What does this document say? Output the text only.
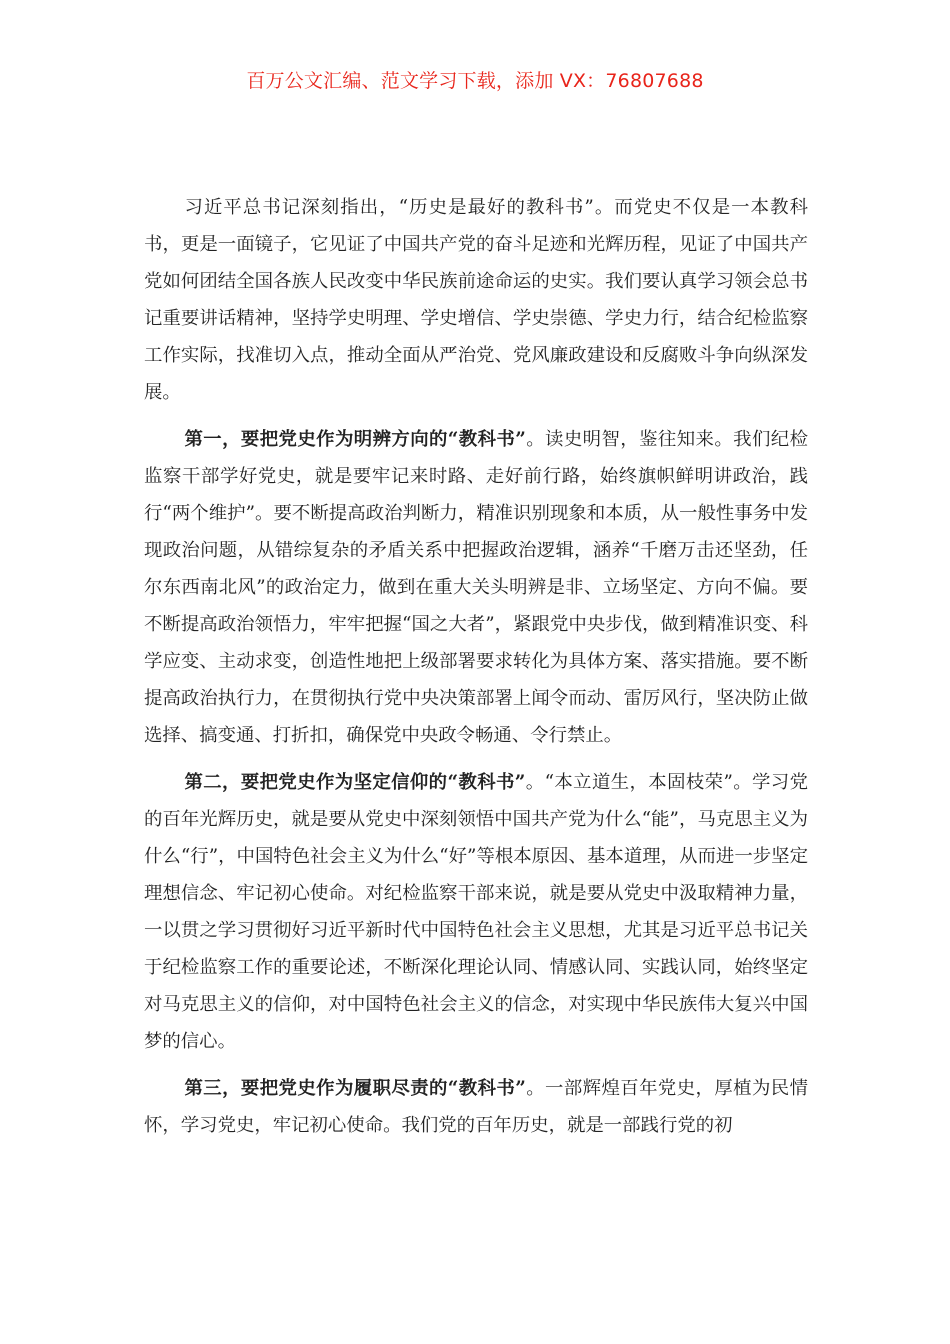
百万公文汇编、范文学习下载，添加 VX：76807688

习近平总书记深刻指出，“历史是最好的教科书”。而党史不仅是一本教科书，更是一面镜子，它见证了中国共产党的奋斗足迹和光辉历程，见证了中国共产党如何团结全国各族人民改变中华民族前途命运的史实。我们要认真学习领会总书记重要讲话精神，坚持学史明理、学史增信、学史崇德、学史力行，结合纪检监察工作实际，找准切入点，推动全面从严治党、党风廉政建设和反腐败斗争向纵深发展。

第一，要把党史作为明辨方向的“教科书”。读史明智，鉴往知来。我们纪检监察干部学好党史，就是要牢记来时路、走好前行路，始终旗帜鲜明讲政治，践行“两个维护”。要不断提高政治判断力，精准识别现象和本质，从一般性事务中发现政治问题，从错综复杂的矛盾关系中把握政治逻辑，涵养“千磨万击还坚劲，任尔东西南北风”的政治定力，做到在重大关头明辨是非、立场坚定、方向不偏。要不断提高政治领悟力，牢牢把握“国之大者”，紧跟党中央步伐，做到精准识变、科学应变、主动求变，创造性地把上级部署要求转化为具体方案、落实措施。要不断提高政治执行力，在贯彻执行党中央决策部署上闻令而动、雷厉风行，坚决防止做选择、搞变通、打折扣，确保党中央政令畅通、令行禁止。

第二，要把党史作为坚定信仰的“教科书”。“本立道生，本固枝荣”。学习党的百年光辉历史，就是要从党史中深刻领悟中国共产党为什么“能”，马克思主义为什么“行”，中国特色社会主义为什么“好”等根本原因、基本道理，从而进一步坚定理想信念、牢记初心使命。对纪检监察干部来说，就是要从党史中汲取精神力量，一以贯之学习贯彻好习近平新时代中国特色社会主义思想，尤其是习近平总书记关于纪检监察工作的重要论述，不断深化理论认同、情感认同、实践认同，始终坚定对马克思主义的信仰，对中国特色社会主义的信念，对实现中华民族伟大复兴中国梦的信心。

第三，要把党史作为履职尽责的“教科书”。一部辉煌百年党史，厚植为民情怀，学习党史，牢记初心使命。我们党的百年历史，就是一部践行党的初
